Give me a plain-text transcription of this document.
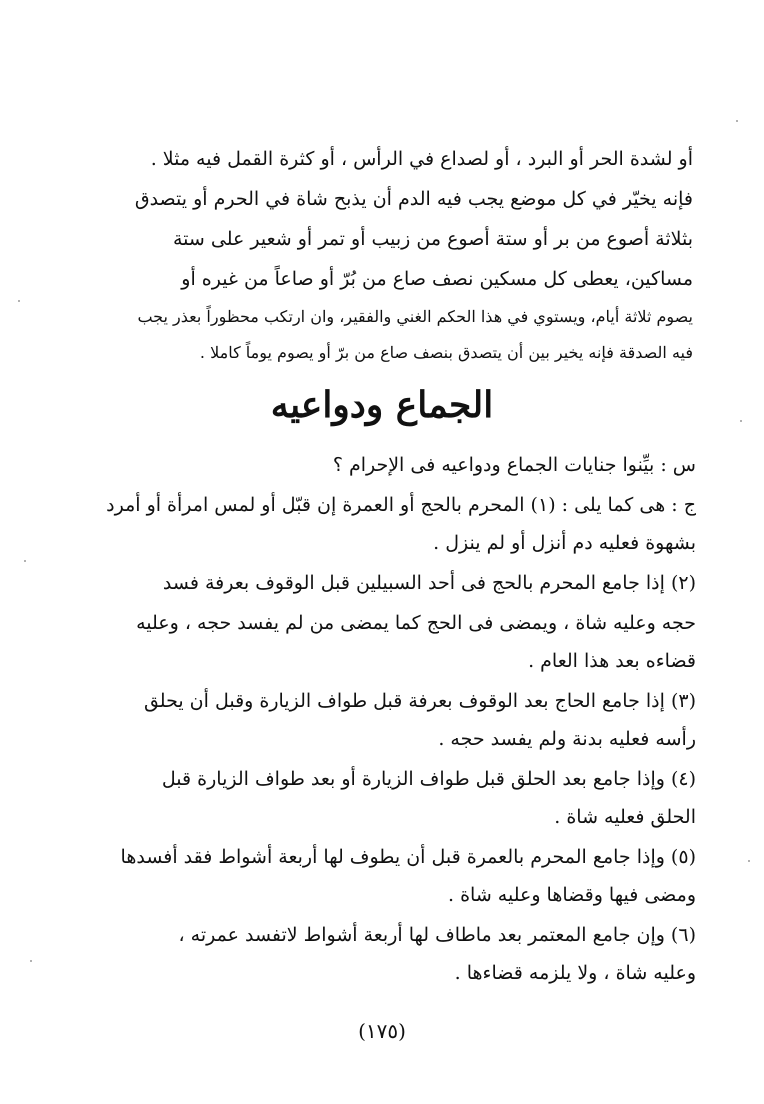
أو لشدة الحر أو البرد ، أو لصداع في الرأس ، أو كثرة القمل فيه مثلا .
فإنه يخيّر في كل موضع يجب فيه الدم أن يذبح شاة في الحرم أو يتصدق
بثلاثة أصوع من بر أو ستة أصوع من زبيب أو تمر أو شعير على ستة
مساكين، يعطى كل مسكين نصف صاع من بُرّ أو صاعاً من غيره أو
يصوم ثلاثة أيام، ويستوي في هذا الحكم الغني والفقير، وان ارتكب محظوراً بعذر يجب
فيه الصدقة فإنه يخير بين أن يتصدق بنصف صاع من برّ أو يصوم يوماً كاملا .
الجماع ودواعيه
س : بيِّنوا جنايات الجماع ودواعيه فى الإحرام ؟
ج : هى كما يلى : (١) المحرم بالحج أو العمرة إن قبّل أو لمس امرأة أو أمرد
بشهوة فعليه دم أنزل أو لم ينزل .
(٢) إذا جامع المحرم بالحج فى أحد السبيلين قبل الوقوف بعرفة فسد
حجه وعليه شاة ، ويمضى فى الحج كما يمضى من لم يفسد حجه ، وعليه
قضاءه بعد هذا العام .
(٣) إذا جامع الحاج بعد الوقوف بعرفة قبل طواف الزيارة وقبل أن يحلق
رأسه فعليه بدنة ولم يفسد حجه .
(٤) وإذا جامع بعد الحلق قبل طواف الزيارة أو بعد طواف الزيارة قبل
الحلق فعليه شاة .
(٥) وإذا جامع المحرم بالعمرة قبل أن يطوف لها أربعة أشواط فقد أفسدها
ومضى فيها وقضاها وعليه شاة .
(٦) وإن جامع المعتمر بعد ماطاف لها أربعة أشواط لاتفسد عمرته ،
وعليه شاة ، ولا يلزمه قضاءها .
(١٧٥)
